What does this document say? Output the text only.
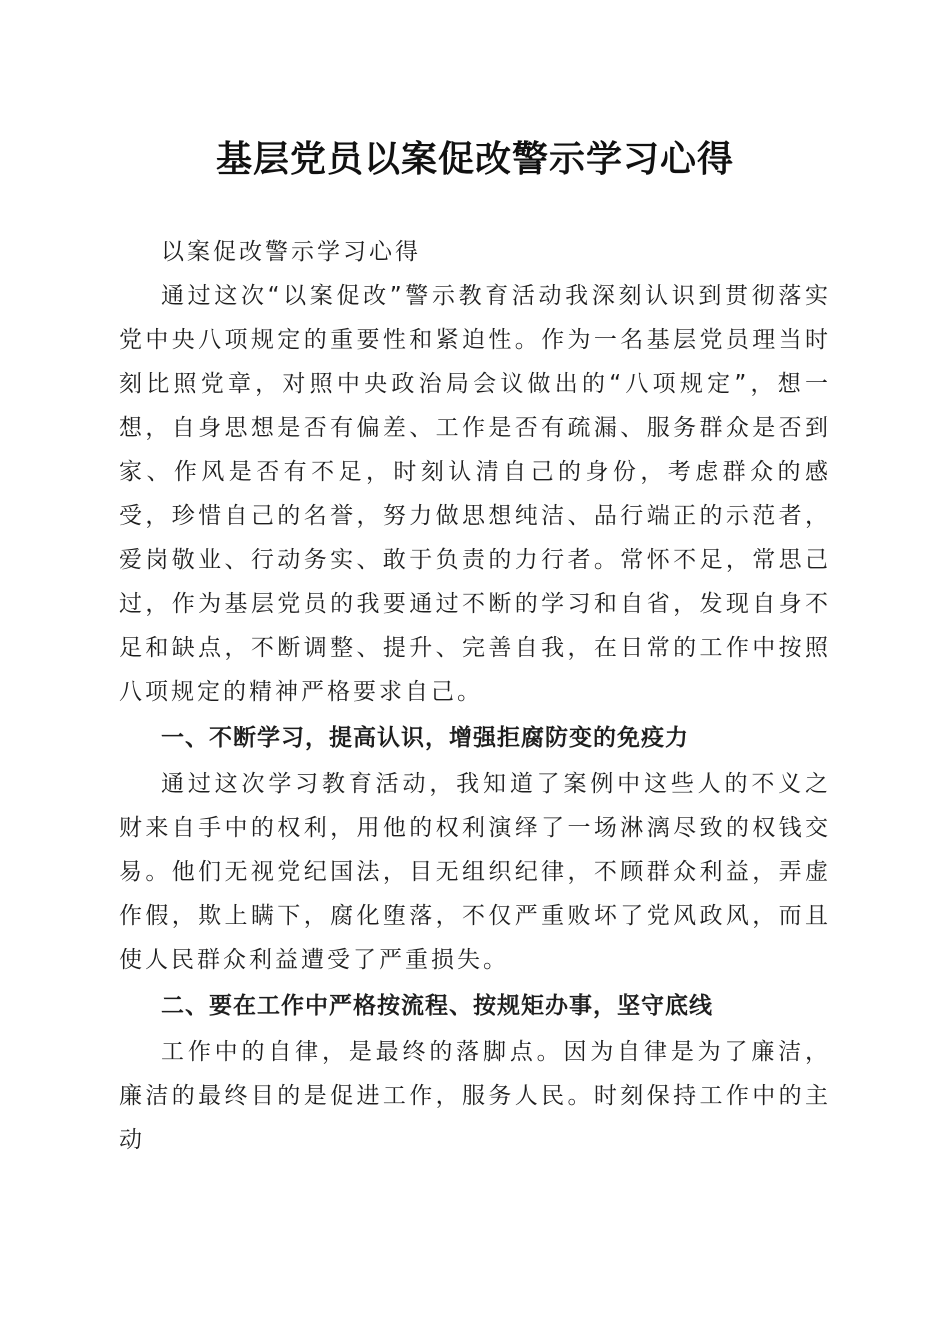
基层党员以案促改警示学习心得

以案促改警示学习心得

通过这次“以案促改”警示教育活动我深刻认识到贯彻落实党中央八项规定的重要性和紧迫性。作为一名基层党员理当时刻比照党章，对照中央政治局会议做出的“八项规定”，想一想，自身思想是否有偏差、工作是否有疏漏、服务群众是否到家、作风是否有不足，时刻认清自己的身份，考虑群众的感受，珍惜自己的名誉，努力做思想纯洁、品行端正的示范者，爱岗敬业、行动务实、敢于负责的力行者。常怀不足，常思己过，作为基层党员的我要通过不断的学习和自省，发现自身不足和缺点，不断调整、提升、完善自我，在日常的工作中按照八项规定的精神严格要求自己。

一、不断学习，提高认识，增强拒腐防变的免疫力

通过这次学习教育活动，我知道了案例中这些人的不义之财来自手中的权利，用他的权利演绎了一场淋漓尽致的权钱交易。他们无视党纪国法，目无组织纪律，不顾群众利益，弄虚作假，欺上瞒下，腐化堕落，不仅严重败坏了党风政风，而且使人民群众利益遭受了严重损失。

二、要在工作中严格按流程、按规矩办事，坚守底线

工作中的自律，是最终的落脚点。因为自律是为了廉洁，廉洁的最终目的是促进工作，服务人民。时刻保持工作中的主动
